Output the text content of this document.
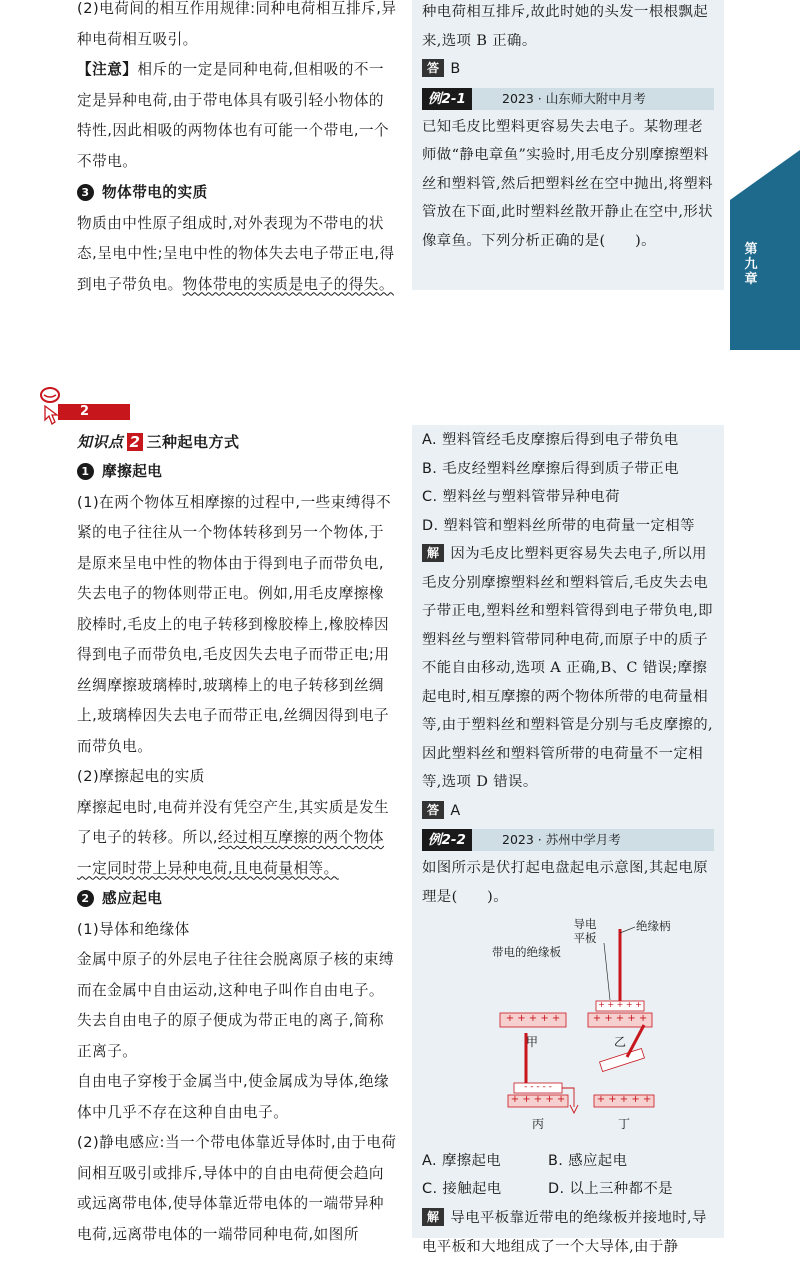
第九章

(2)电荷间的相互作用规律:同种电荷相互排斥,异种电荷相互吸引。

【注意】相斥的一定是同种电荷,但相吸的不一定是异种电荷,由于带电体具有吸引轻小物体的特性,因此相吸的两物体也有可能一个带电,一个不带电。

3 物体带电的实质

物质由中性原子组成时,对外表现为不带电的状态,呈电中性;呈电中性的物体失去电子带正电,得到电子带负电。物体带电的实质是电子的得失。

种电荷相互排斥,故此时她的头发一根根飘起来,选项 B 正确。

答 B

例2-1	2023 · 山东师大附中月考

已知毛皮比塑料更容易失去电子。某物理老师做“静电章鱼”实验时,用毛皮分别摩擦塑料丝和塑料管,然后把塑料丝在空中抛出,将塑料管放在下面,此时塑料丝散开静止在空中,形状像章鱼。下列分析正确的是(　　)。

2
知识点 2 三种起电方式
1 摩擦起电

(1)在两个物体互相摩擦的过程中,一些束缚得不紧的电子往往从一个物体转移到另一个物体,于是原来呈电中性的物体由于得到电子而带负电,失去电子的物体则带正电。例如,用毛皮摩擦橡胶棒时,毛皮上的电子转移到橡胶棒上,橡胶棒因得到电子而带负电,毛皮因失去电子而带正电;用丝绸摩擦玻璃棒时,玻璃棒上的电子转移到丝绸上,玻璃棒因失去电子而带正电,丝绸因得到电子而带负电。

(2)摩擦起电的实质

摩擦起电时,电荷并没有凭空产生,其实质是发生了电子的转移。所以,经过相互摩擦的两个物体一定同时带上异种电荷,且电荷量相等。

2 感应起电

(1)导体和绝缘体

金属中原子的外层电子往往会脱离原子核的束缚而在金属中自由运动,这种电子叫作自由电子。失去自由电子的原子便成为带正电的离子,简称正离子。

自由电子穿梭于金属当中,使金属成为导体,绝缘体中几乎不存在这种自由电子。

(2)静电感应:当一个带电体靠近导体时,由于电荷间相互吸引或排斥,导体中的自由电荷便会趋向或远离带电体,使导体靠近带电体的一端带异种电荷,远离带电体的一端带同种电荷,如图所

A. 塑料管经毛皮摩擦后得到电子带负电

B. 毛皮经塑料丝摩擦后得到质子带正电

C. 塑料丝与塑料管带异种电荷

D. 塑料管和塑料丝所带的电荷量一定相等

解 因为毛皮比塑料更容易失去电子,所以用毛皮分别摩擦塑料丝和塑料管后,毛皮失去电子带正电,塑料丝和塑料管得到电子带负电,即塑料丝与塑料管带同种电荷,而原子中的质子不能自由移动,选项 A 正确,B、C 错误;摩擦起电时,相互摩擦的两个物体所带的电荷量相等,由于塑料丝和塑料管是分别与毛皮摩擦的,因此塑料丝和塑料管所带的电荷量不一定相等,选项 D 错误。

答 A

例2-2	2023 · 苏州中学月考

如图所示是伏打起电盘起电示意图,其起电原理是(　　)。

导电平板
绝缘柄
带电的绝缘板
+ + + + +	+ + + + +
+ + + + +
- - - - -
+ + + + +	+ + + + +
甲	乙
丙	丁

A. 摩擦起电	B. 感应起电

C. 接触起电	D. 以上三种都不是

解 导电平板靠近带电的绝缘板并接地时,导电平板和大地组成了一个大导体,由于静
